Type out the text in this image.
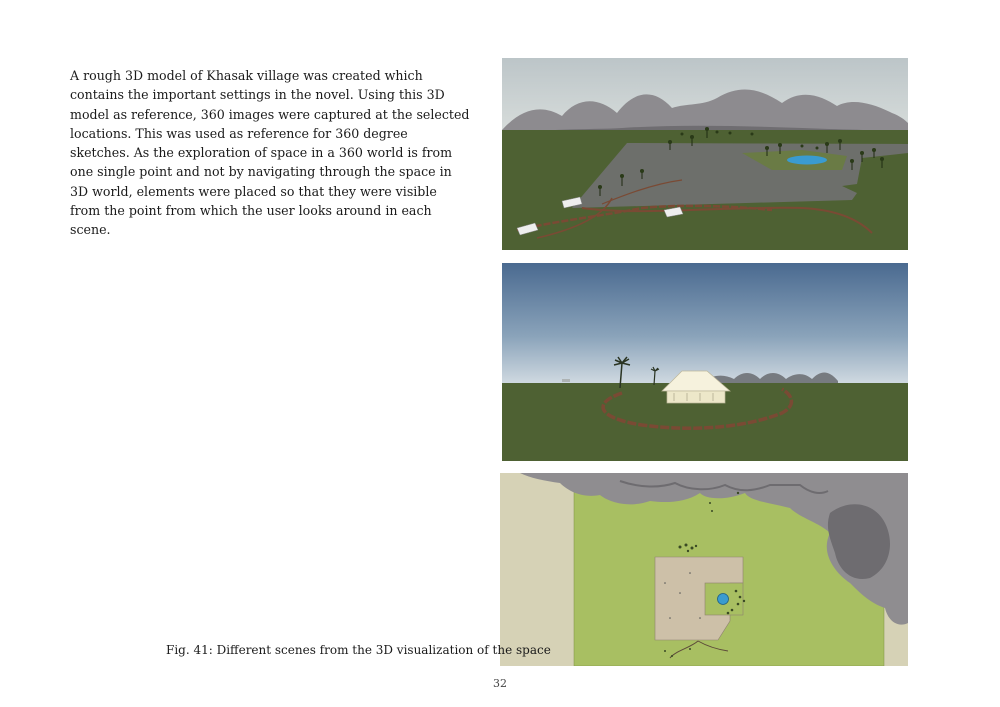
A rough 3D model of Khasak village was created which contains the important settings in the novel. Using this 3D model as reference, 360 images were captured at the selected locations. This was used as reference for 360 degree sketches. As the exploration of space in a 360 world is from one single point and not by navigating through the space in 3D world, elements were placed so that they were visible from the point from which the user looks around in each scene.

Fig. 41: Different scenes from the 3D visualization of the space
32
